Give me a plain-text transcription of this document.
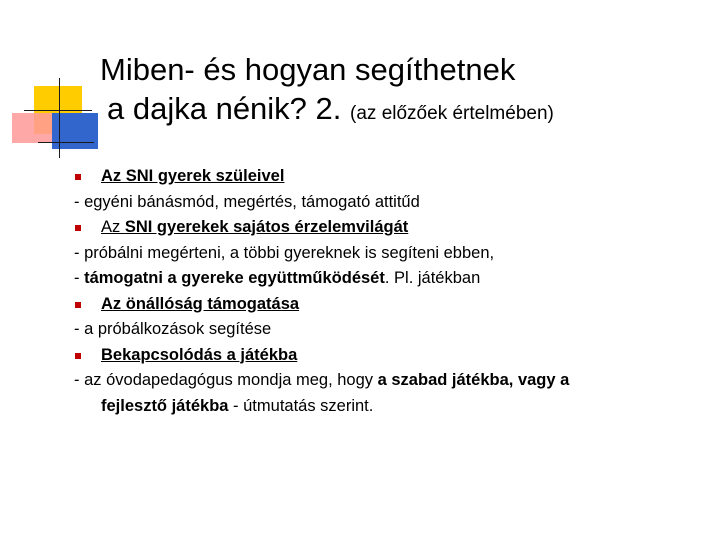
Miben- és hogyan segíthetnek
a dajka nénik? 2. (az előzőek értelmében)
Az SNI gyerek szüleivel
- egyéni bánásmód, megértés, támogató attitűd
Az SNI gyerekek sajátos érzelemvilágát
- próbálni megérteni, a többi gyereknek is segíteni ebben,
- támogatni a gyereke együttműködését. Pl. játékban
Az önállóság támogatása
- a próbálkozások segítése
Bekapcsolódás a játékba
- az óvodapedagógus mondja meg, hogy a szabad játékba, vagy a
fejlesztő játékba - útmutatás szerint.
